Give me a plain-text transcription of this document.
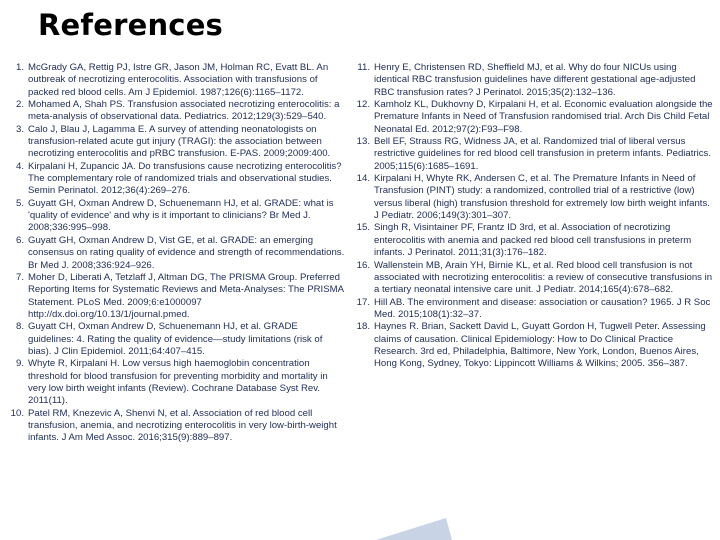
References
1. McGrady GA, Rettig PJ, Istre GR, Jason JM, Holman RC, Evatt BL. An outbreak of necrotizing enterocolitis. Association with transfusions of packed red blood cells. Am J Epidemiol. 1987;126(6):1165–1172.
2. Mohamed A, Shah PS. Transfusion associated necrotizing enterocolitis: a meta-analysis of observational data. Pediatrics. 2012;129(3):529–540.
3. Calo J, Blau J, Lagamma E. A survey of attending neonatologists on transfusion-related acute gut injury (TRAGI): the association between necrotizing enterocolitis and pRBC transfusion. E-PAS. 2009;2009:400.
4. Kirpalani H, Zupancic JA. Do transfusions cause necrotizing enterocolitis? The complementary role of randomized trials and observational studies. Semin Perinatol. 2012;36(4):269–276.
5. Guyatt GH, Oxman Andrew D, Schuenemann HJ, et al. GRADE: what is 'quality of evidence' and why is it important to clinicians? Br Med J. 2008;336:995–998.
6. Guyatt GH, Oxman Andrew D, Vist GE, et al. GRADE: an emerging consensus on rating quality of evidence and strength of recommendations. Br Med J. 2008;336:924–926.
7. Moher D, Liberati A, Tetzlaff J, Altman DG, The PRISMA Group. Preferred Reporting Items for Systematic Reviews and Meta-Analyses: The PRISMA Statement. PLoS Med. 2009;6:e1000097 http://dx.doi.org/10.13/1/journal.pmed.
8. Guyatt CH, Oxman Andrew D, Schuenemann HJ, et al. GRADE guidelines: 4. Rating the quality of evidence—study limitations (risk of bias). J Clin Epidemiol. 2011;64:407–415.
9. Whyte R, Kirpalani H. Low versus high haemoglobin concentration threshold for blood transfusion for preventing morbidity and mortality in very low birth weight infants (Review). Cochrane Database Syst Rev. 2011(11).
10. Patel RM, Knezevic A, Shenvi N, et al. Association of red blood cell transfusion, anemia, and necrotizing enterocolitis in very low-birth-weight infants. J Am Med Assoc. 2016;315(9):889–897.
11. Henry E, Christensen RD, Sheffield MJ, et al. Why do four NICUs using identical RBC transfusion guidelines have different gestational age-adjusted RBC transfusion rates? J Perinatol. 2015;35(2):132–136.
12. Kamholz KL, Dukhovny D, Kirpalani H, et al. Economic evaluation alongside the Premature Infants in Need of Transfusion randomised trial. Arch Dis Child Fetal Neonatal Ed. 2012;97(2):F93–F98.
13. Bell EF, Strauss RG, Widness JA, et al. Randomized trial of liberal versus restrictive guidelines for red blood cell transfusion in preterm infants. Pediatrics. 2005;115(6):1685–1691.
14. Kirpalani H, Whyte RK, Andersen C, et al. The Premature Infants in Need of Transfusion (PINT) study: a randomized, controlled trial of a restrictive (low) versus liberal (high) transfusion threshold for extremely low birth weight infants. J Pediatr. 2006;149(3):301–307.
15. Singh R, Visintainer PF, Frantz ID 3rd, et al. Association of necrotizing enterocolitis with anemia and packed red blood cell transfusions in preterm infants. J Perinatol. 2011;31(3):176–182.
16. Wallenstein MB, Arain YH, Birnie KL, et al. Red blood cell transfusion is not associated with necrotizing enterocolitis: a review of consecutive transfusions in a tertiary neonatal intensive care unit. J Pediatr. 2014;165(4):678–682.
17. Hill AB. The environment and disease: association or causation? 1965. J R Soc Med. 2015;108(1):32–37.
18. Haynes R. Brian, Sackett David L, Guyatt Gordon H, Tugwell Peter. Assessing claims of causation. Clinical Epidemiology: How to Do Clinical Practice Research. 3rd ed, Philadelphia, Baltimore, New York, London, Buenos Aires, Hong Kong, Sydney, Tokyo: Lippincott Williams & Wilkins; 2005. 356–387.
